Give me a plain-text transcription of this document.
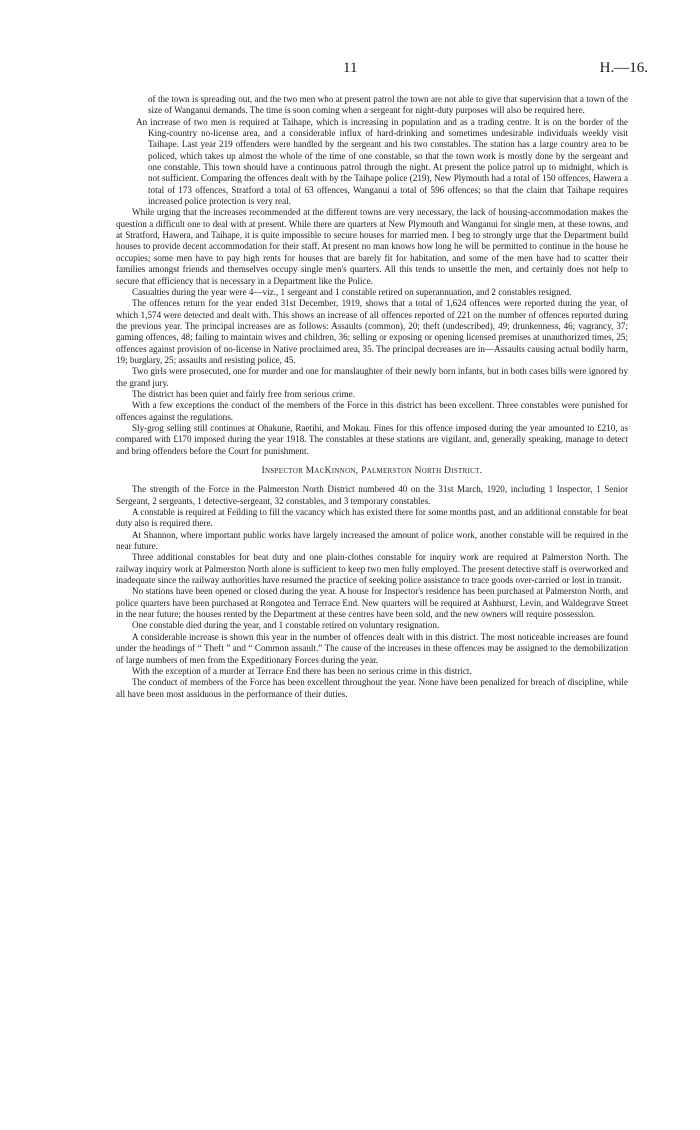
11	H.—16.

of the town is spreading out, and the two men who at present patrol the town are not able to give that supervision that a town of the size of Wanganui demands. The time is soon coming when a sergeant for night-duty purposes will also be required here.

An increase of two men is required at Taihape, which is increasing in population and as a trading centre. It is on the border of the King-country no-license area, and a considerable influx of hard-drinking and sometimes undesirable individuals weekly visit Taihape. Last year 219 offenders were handled by the sergeant and his two constables. The station has a large country area to be policed, which takes up almost the whole of the time of one constable, so that the town work is mostly done by the sergeant and one constable. This town should have a continuous patrol through the night. At present the police patrol up to midnight, which is not sufficient. Comparing the offences dealt with by the Taihape police (219), New Plymouth had a total of 150 offences, Hawera a total of 173 offences, Stratford a total of 63 offences, Wanganui a total of 596 offences; so that the claim that Taihape requires increased police protection is very real.

While urging that the increases recommended at the different towns are very necessary, the lack of housing-accommodation makes the question a difficult one to deal with at present. While there are quarters at New Plymouth and Wanganui for single men, at these towns, and at Stratford, Hawera, and Taihape, it is quite impossible to secure houses for married men. I beg to strongly urge that the Department build houses to provide decent accommodation for their staff. At present no man knows how long he will be permitted to continue in the house he occupies; some men have to pay high rents for houses that are barely fit for habitation, and some of the men have had to scatter their families amongst friends and themselves occupy single men's quarters. All this tends to unsettle the men, and certainly does not help to secure that efficiency that is necessary in a Department like the Police.

Casualties during the year were 4—viz., 1 sergeant and 1 constable retired on superannuation, and 2 constables resigned.

The offences return for the year ended 31st December, 1919, shows that a total of 1,624 offences were reported during the year, of which 1,574 were detected and dealt with. This shows an increase of all offences reported of 221 on the number of offences reported during the previous year. The principal increases are as follows: Assaults (common), 20; theft (undescribed), 49; drunkenness, 46; vagrancy, 37; gaming offences, 48; failing to maintain wives and children, 36; selling or exposing or opening licensed premises at unauthorized times, 25; offences against provision of no-license in Native proclaimed area, 35. The principal decreases are in—Assaults causing actual bodily harm, 19; burglary, 25; assaults and resisting police, 45.

Two girls were prosecuted, one for murder and one for manslaughter of their newly born infants, but in both cases bills were ignored by the grand jury.

The district has been quiet and fairly free from serious crime.

With a few exceptions the conduct of the members of the Force in this district has been excellent. Three constables were punished for offences against the regulations.

Sly-grog selling still continues at Ohakune, Raetihi, and Mokau. Fines for this offence imposed during the year amounted to £210, as compared with £170 imposed during the year 1918. The constables at these stations are vigilant, and, generally speaking, manage to detect and bring offenders before the Court for punishment.

Inspector MacKinnon, Palmerston North District.

The strength of the Force in the Palmerston North District numbered 40 on the 31st March, 1920, including 1 Inspector, 1 Senior Sergeant, 2 sergeants, 1 detective-sergeant, 32 constables, and 3 temporary constables.

A constable is required at Feilding to fill the vacancy which has existed there for some months past, and an additional constable for beat duty also is required there.

At Shannon, where important public works have largely increased the amount of police work, another constable will be required in the near future.

Three additional constables for beat duty and one plain-clothes constable for inquiry work are required at Palmerston North. The railway inquiry work at Palmerston North alone is sufficient to keep two men fully employed. The present detective staff is overworked and inadequate since the railway authorities have resumed the practice of seeking police assistance to trace goods over-carried or lost in transit.

No stations have been opened or closed during the year. A house for Inspector's residence has been purchased at Palmerston North, and police quarters have been purchased at Rongotea and Terrace End. New quarters will be required at Ashhurst, Levin, and Waldegrave Street in the near future; the houses rented by the Department at these centres have been sold, and the new owners will require possession.

One constable died during the year, and 1 constable retired on voluntary resignation.

A considerable increase is shown this year in the number of offences dealt with in this district. The most noticeable increases are found under the headings of “ Theft ” and “ Common assault.” The cause of the increases in these offences may be assigned to the demobilization of large numbers of men from the Expeditionary Forces during the year.

With the exception of a murder at Terrace End there has been no serious crime in this district.

The conduct of members of the Force has been excellent throughout the year. None have been penalized for breach of discipline, while all have been most assiduous in the performance of their duties.
